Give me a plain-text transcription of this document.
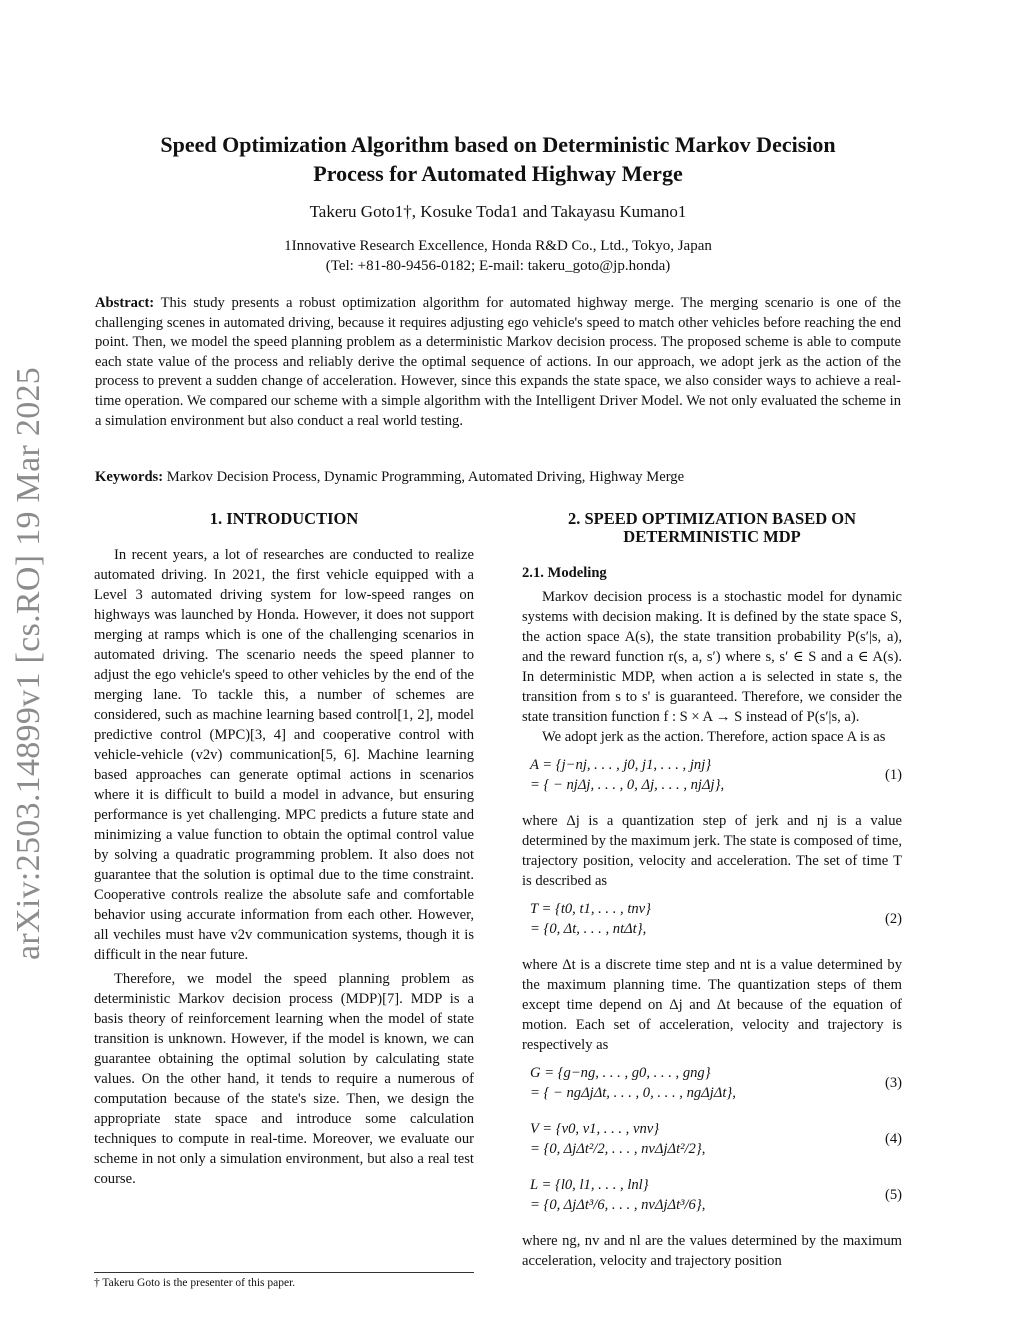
arXiv:2503.14899v1 [cs.RO] 19 Mar 2025
Speed Optimization Algorithm based on Deterministic Markov Decision
Process for Automated Highway Merge
Takeru Goto1†, Kosuke Toda1 and Takayasu Kumano1
1Innovative Research Excellence, Honda R&D Co., Ltd., Tokyo, Japan
(Tel: +81-80-9456-0182; E-mail: takeru_goto@jp.honda)
Abstract: This study presents a robust optimization algorithm for automated highway merge. The merging scenario is one of the challenging scenes in automated driving, because it requires adjusting ego vehicle's speed to match other vehicles before reaching the end point. Then, we model the speed planning problem as a deterministic Markov decision process. The proposed scheme is able to compute each state value of the process and reliably derive the optimal sequence of actions. In our approach, we adopt jerk as the action of the process to prevent a sudden change of acceleration. However, since this expands the state space, we also consider ways to achieve a real-time operation. We compared our scheme with a simple algorithm with the Intelligent Driver Model. We not only evaluated the scheme in a simulation environment but also conduct a real world testing.
Keywords: Markov Decision Process, Dynamic Programming, Automated Driving, Highway Merge
1. INTRODUCTION

In recent years, a lot of researches are conducted to realize automated driving. In 2021, the first vehicle equipped with a Level 3 automated driving system for low-speed ranges on highways was launched by Honda. However, it does not support merging at ramps which is one of the challenging scenarios in automated driving. The scenario needs the speed planner to adjust the ego vehicle's speed to other vehicles by the end of the merging lane. To tackle this, a number of schemes are considered, such as machine learning based control[1, 2], model predictive control (MPC)[3, 4] and cooperative control with vehicle-vehicle (v2v) communication[5, 6]. Machine learning based approaches can generate optimal actions in scenarios where it is difficult to build a model in advance, but ensuring performance is yet challenging. MPC predicts a future state and minimizing a value function to obtain the optimal control value by solving a quadratic programming problem. It also does not guarantee that the solution is optimal due to the time constraint. Cooperative controls realize the absolute safe and comfortable behavior using accurate information from each other. However, all vechiles must have v2v communication systems, though it is difficult in the near future.

Therefore, we model the speed planning problem as deterministic Markov decision process (MDP)[7]. MDP is a basis theory of reinforcement learning when the model of state transition is unknown. However, if the model is known, we can guarantee obtaining the optimal solution by calculating state values. On the other hand, it tends to require a numerous of computation because of the state's size. Then, we design the appropriate state space and introduce some calculation techniques to compute in real-time. Moreover, we evaluate our scheme in not only a simulation environment, but also a real test course.

2. SPEED OPTIMIZATION BASED ON
DETERMINISTIC MDP
2.1. Modeling

Markov decision process is a stochastic model for dynamic systems with decision making. It is defined by the state space S, the action space A(s), the state transition probability P(s′|s, a), and the reward function r(s, a, s′) where s, s′ ∈ S and a ∈ A(s). In deterministic MDP, when action a is selected in state s, the transition from s to s' is guaranteed. Therefore, we consider the state transition function f : S × A → S instead of P(s′|s, a).

We adopt jerk as the action. Therefore, action space A is as

A = {j−nj, . . . , j0, j1, . . . , jnj}
= { − njΔj, . . . , 0, Δj, . . . , njΔj},
(1)

where Δj is a quantization step of jerk and nj is a value determined by the maximum jerk. The state is composed of time, trajectory position, velocity and acceleration. The set of time T is described as

T = {t0, t1, . . . , tnv}
= {0, Δt, . . . , ntΔt},
(2)

where Δt is a discrete time step and nt is a value determined by the maximum planning time. The quantization steps of them except time depend on Δj and Δt because of the equation of motion. Each set of acceleration, velocity and trajectory is respectively as

G = {g−ng, . . . , g0, . . . , gng}
= { − ngΔjΔt, . . . , 0, . . . , ngΔjΔt},
(3)
V = {v0, v1, . . . , vnv}
= {0, ΔjΔt²/2, . . . , nvΔjΔt²/2},
(4)
L = {l0, l1, . . . , lnl}
= {0, ΔjΔt³/6, . . . , nvΔjΔt³/6},
(5)

where ng, nv and nl are the values determined by the maximum acceleration, velocity and trajectory position

† Takeru Goto is the presenter of this paper.
